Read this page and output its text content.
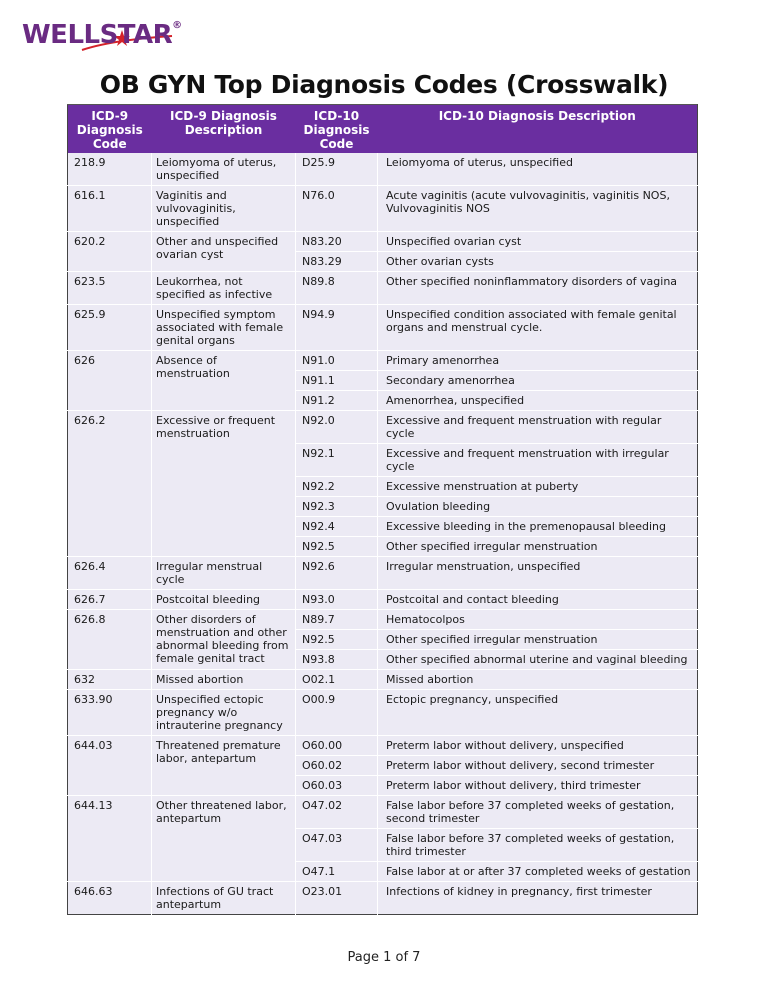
WELLSTAR®
OB GYN Top Diagnosis Codes (Crosswalk)
ICD-9 Diagnosis Code	ICD-9 Diagnosis Description	ICD-10 Diagnosis Code	ICD-10 Diagnosis Description
218.9	Leiomyoma of uterus, unspecified	D25.9	Leiomyoma of uterus, unspecified
616.1	Vaginitis and vulvovaginitis, unspecified	N76.0	Acute vaginitis (acute vulvovaginitis, vaginitis NOS, Vulvovaginitis NOS
620.2	Other and unspecified ovarian cyst	N83.20	Unspecified ovarian cyst
		N83.29	Other ovarian cysts
623.5	Leukorrhea, not specified as infective	N89.8	Other specified noninflammatory disorders of vagina
625.9	Unspecified symptom associated with female genital organs	N94.9	Unspecified condition associated with female genital organs and menstrual cycle.
626	Absence of menstruation	N91.0	Primary amenorrhea
		N91.1	Secondary amenorrhea
		N91.2	Amenorrhea, unspecified
626.2	Excessive or frequent menstruation	N92.0	Excessive and frequent menstruation with regular cycle
		N92.1	Excessive and frequent menstruation with irregular cycle
		N92.2	Excessive menstruation at puberty
		N92.3	Ovulation bleeding
		N92.4	Excessive bleeding in the premenopausal bleeding
		N92.5	Other specified irregular menstruation
626.4	Irregular menstrual cycle	N92.6	Irregular menstruation, unspecified
626.7	Postcoital bleeding	N93.0	Postcoital and contact bleeding
626.8	Other disorders of menstruation and other abnormal bleeding from female genital tract	N89.7	Hematocolpos
		N92.5	Other specified irregular menstruation
		N93.8	Other specified abnormal uterine and vaginal bleeding
632	Missed abortion	O02.1	Missed abortion
633.90	Unspecified ectopic pregnancy w/o intrauterine pregnancy	O00.9	Ectopic pregnancy, unspecified
644.03	Threatened premature labor, antepartum	O60.00	Preterm labor without delivery, unspecified
		O60.02	Preterm labor without delivery, second trimester
		O60.03	Preterm labor without delivery, third trimester
644.13	Other threatened labor, antepartum	O47.02	False labor before 37 completed weeks of gestation, second trimester
		O47.03	False labor before 37 completed weeks of gestation, third trimester
		O47.1	False labor at or after 37 completed weeks of gestation
646.63	Infections of GU tract antepartum	O23.01	Infections of kidney in pregnancy, first trimester
Page 1 of 7
